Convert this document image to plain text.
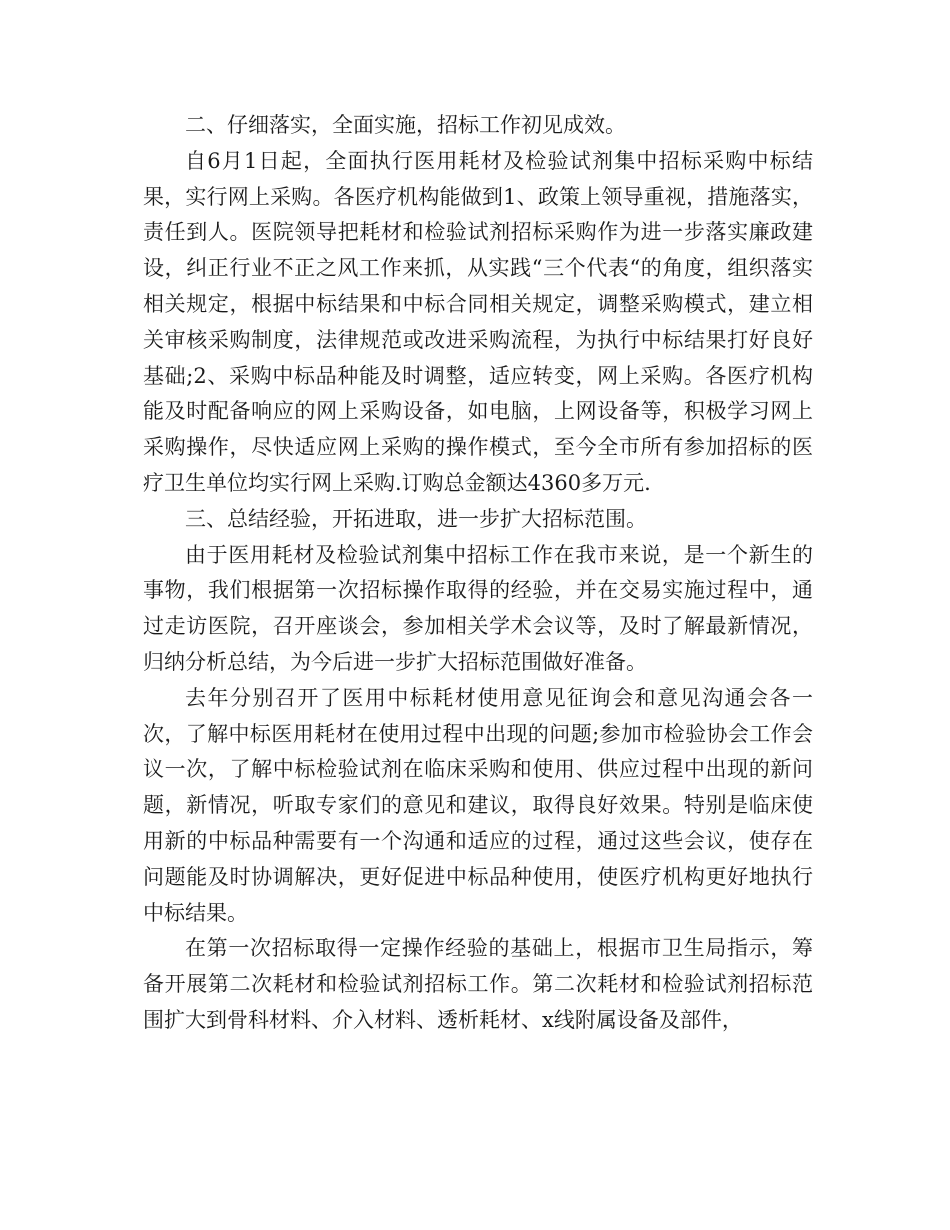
二、仔细落实，全面实施，招标工作初见成效。

自6月1日起，全面执行医用耗材及检验试剂集中招标采购中标结果，实行网上采购。各医疗机构能做到1、政策上领导重视，措施落实，责任到人。医院领导把耗材和检验试剂招标采购作为进一步落实廉政建设，纠正行业不正之风工作来抓，从实践“三个代表“的角度，组织落实相关规定，根据中标结果和中标合同相关规定，调整采购模式，建立相关审核采购制度，法律规范或改进采购流程，为执行中标结果打好良好基础;2、采购中标品种能及时调整，适应转变，网上采购。各医疗机构能及时配备响应的网上采购设备，如电脑，上网设备等，积极学习网上采购操作，尽快适应网上采购的操作模式，至今全市所有参加招标的医疗卫生单位均实行网上采购.订购总金额达4360多万元.

三、总结经验，开拓进取，进一步扩大招标范围。

由于医用耗材及检验试剂集中招标工作在我市来说，是一个新生的事物，我们根据第一次招标操作取得的经验，并在交易实施过程中，通过走访医院，召开座谈会，参加相关学术会议等，及时了解最新情况，归纳分析总结，为今后进一步扩大招标范围做好准备。

去年分别召开了医用中标耗材使用意见征询会和意见沟通会各一次，了解中标医用耗材在使用过程中出现的问题;参加市检验协会工作会议一次，了解中标检验试剂在临床采购和使用、供应过程中出现的新问题，新情况，听取专家们的意见和建议，取得良好效果。特别是临床使用新的中标品种需要有一个沟通和适应的过程，通过这些会议，使存在问题能及时协调解决，更好促进中标品种使用，使医疗机构更好地执行中标结果。

在第一次招标取得一定操作经验的基础上，根据市卫生局指示，筹备开展第二次耗材和检验试剂招标工作。第二次耗材和检验试剂招标范围扩大到骨科材料、介入材料、透析耗材、x线附属设备及部件，
